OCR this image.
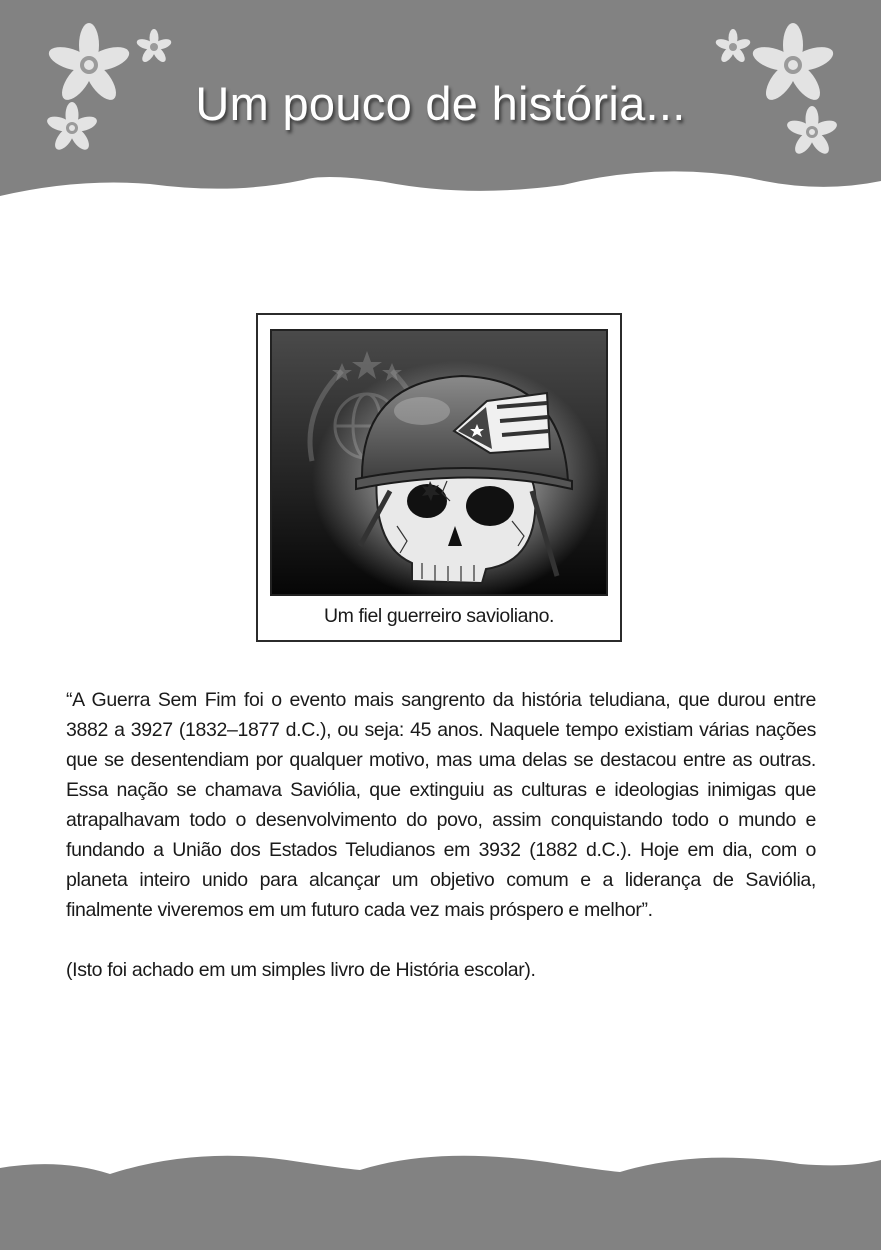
Um pouco de história...
Um fiel guerreiro savioliano.

“A Guerra Sem Fim foi o evento mais sangrento da história teludiana, que durou entre 3882 a 3927 (1832–1877 d.C.), ou seja: 45 anos. Naquele tempo existiam várias nações que se desentendiam por qualquer motivo, mas uma delas se destacou entre as outras. Essa nação se chamava Saviólia, que extinguiu as culturas e ideologias inimigas que atrapalhavam todo o desenvolvimento do povo, assim conquistando todo o mundo e fundando a União dos Estados Teludianos em 3932 (1882 d.C.). Hoje em dia, com o planeta inteiro unido para alcançar um objetivo comum e a liderança de Saviólia, finalmente viveremos em um futuro cada vez mais próspero e melhor”.

(Isto foi achado em um simples livro de História escolar).
